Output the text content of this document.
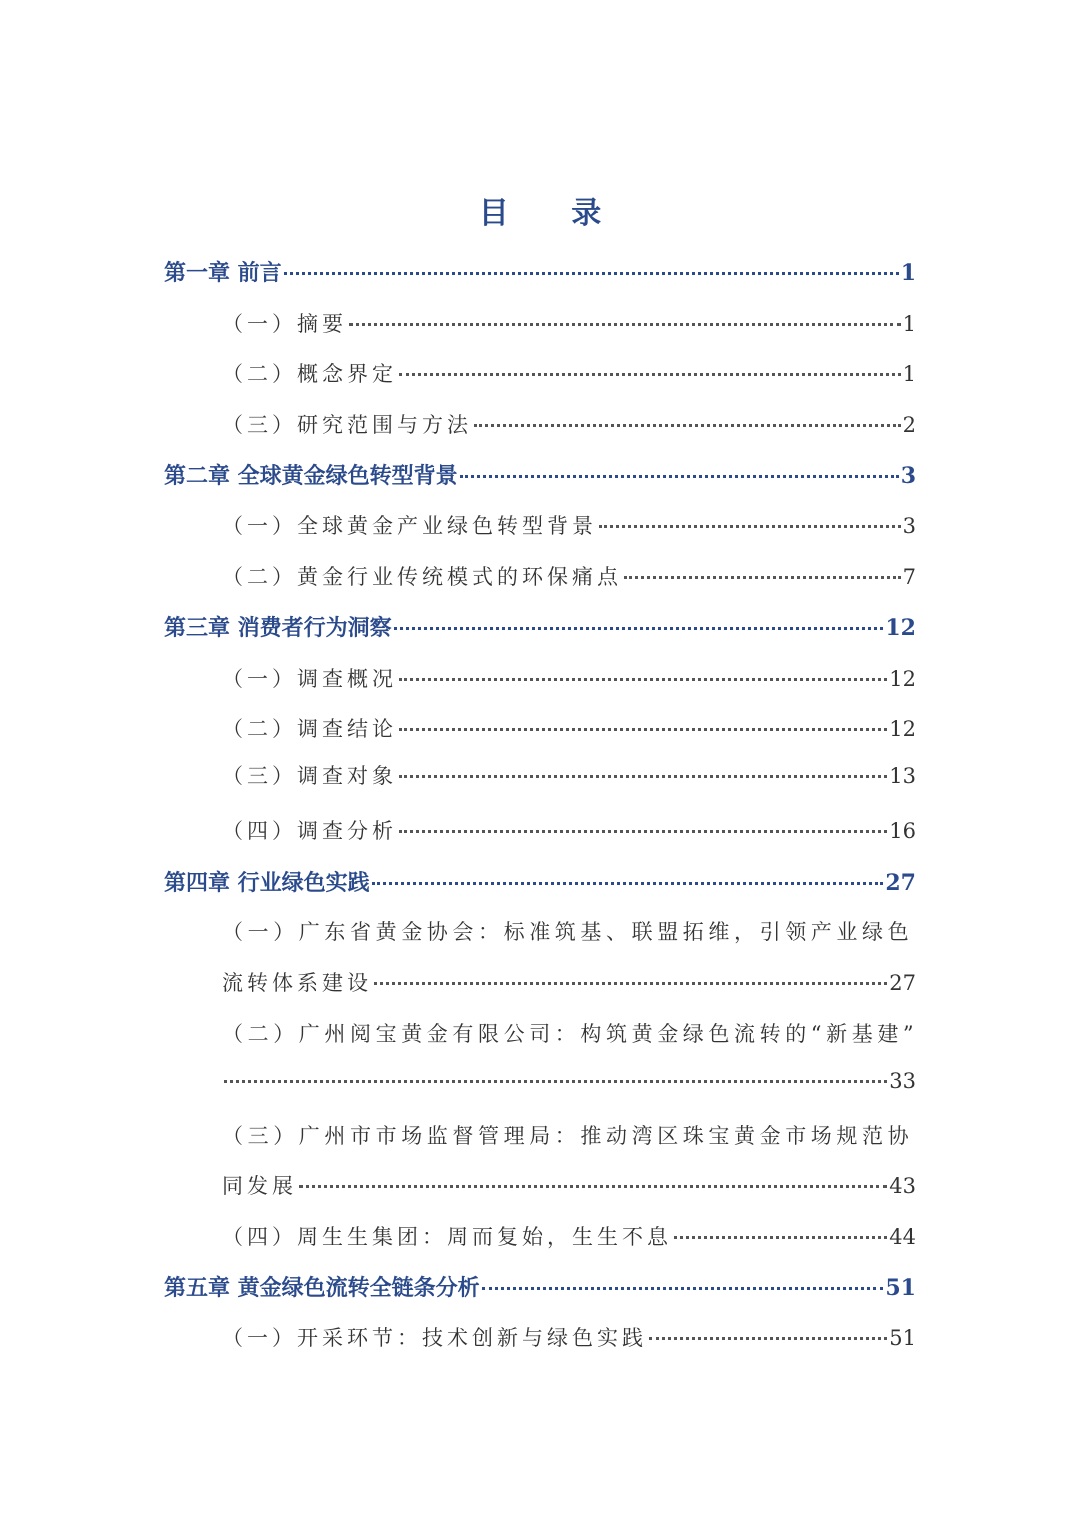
目 录
第一章 前言	1
（一）摘要	1
（二）概念界定	1
（三）研究范围与方法	2
第二章 全球黄金绿色转型背景	3
（一）全球黄金产业绿色转型背景	3
（二）黄金行业传统模式的环保痛点	7
第三章 消费者行为洞察	12
（一）调查概况	12
（二）调查结论	12
（三）调查对象	13
（四）调查分析	16
第四章 行业绿色实践	27
（一）广东省黄金协会：标准筑基、联盟拓维，引领产业绿色
流转体系建设	27
（二）广州阅宝黄金有限公司：构筑黄金绿色流转的“新基建”
33
（三）广州市市场监督管理局：推动湾区珠宝黄金市场规范协
同发展	43
（四）周生生集团：周而复始，生生不息	44
第五章 黄金绿色流转全链条分析	51
（一）开采环节：技术创新与绿色实践	51
